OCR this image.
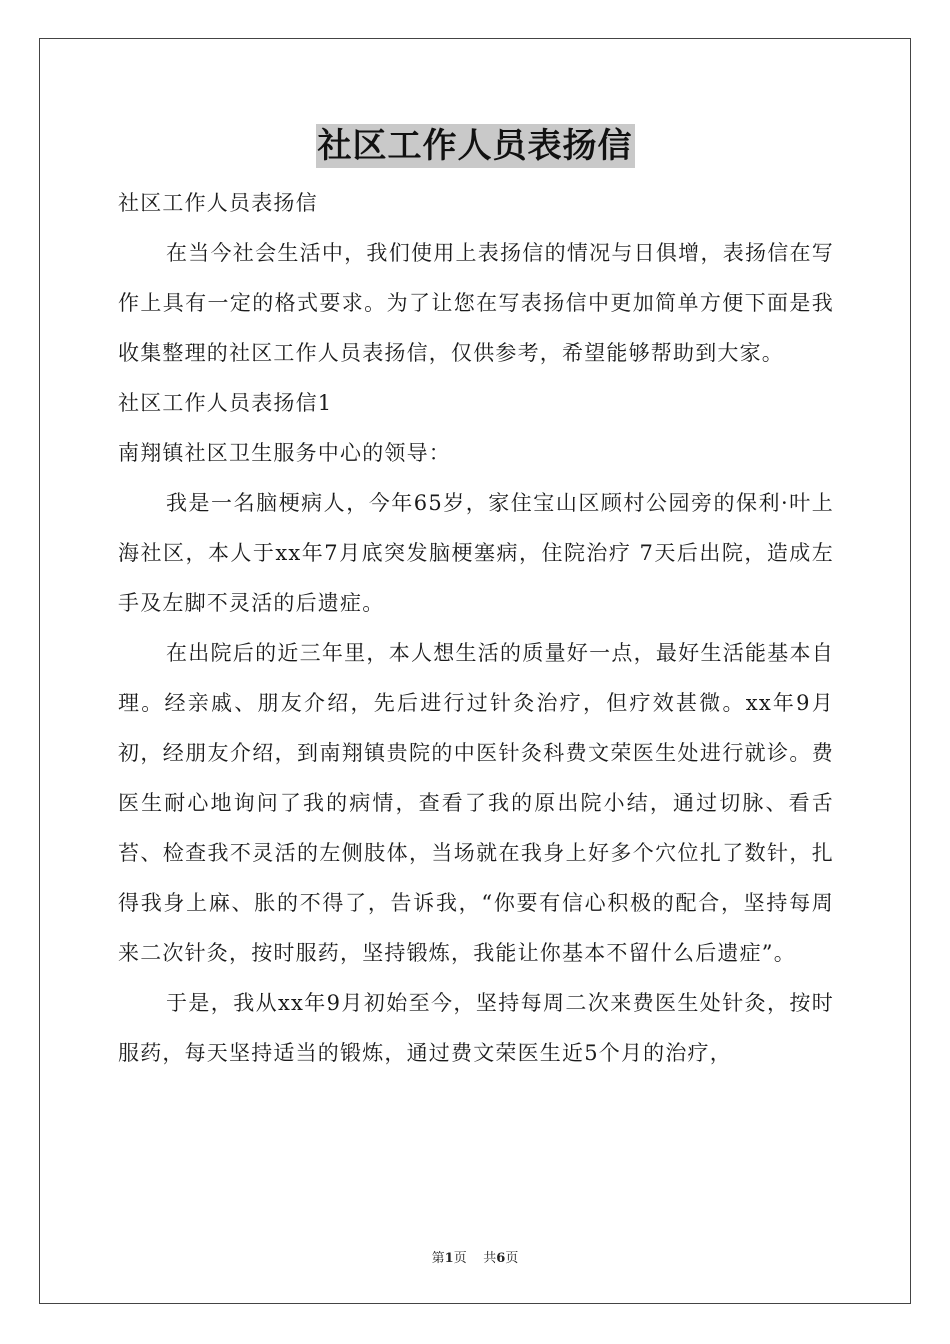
社区工作人员表扬信

社区工作人员表扬信

在当今社会生活中，我们使用上表扬信的情况与日俱增，表扬信在写作上具有一定的格式要求。为了让您在写表扬信中更加简单方便下面是我收集整理的社区工作人员表扬信，仅供参考，希望能够帮助到大家。

社区工作人员表扬信1

南翔镇社区卫生服务中心的领导：

我是一名脑梗病人，今年65岁，家住宝山区顾村公园旁的保利·叶上海社区，本人于xx年7月底突发脑梗塞病，住院治疗 7天后出院，造成左手及左脚不灵活的后遗症。

在出院后的近三年里，本人想生活的质量好一点，最好生活能基本自理。经亲戚、朋友介绍，先后进行过针灸治疗，但疗效甚微。xx年9月初，经朋友介绍，到南翔镇贵院的中医针灸科费文荣医生处进行就诊。费医生耐心地询问了我的病情，查看了我的原出院小结，通过切脉、看舌苔、检查我不灵活的左侧肢体，当场就在我身上好多个穴位扎了数针，扎得我身上麻、胀的不得了，告诉我，“你要有信心积极的配合，坚持每周来二次针灸，按时服药，坚持锻炼，我能让你基本不留什么后遗症”。

于是，我从xx年9月初始至今，坚持每周二次来费医生处针灸，按时服药，每天坚持适当的锻炼，通过费文荣医生近5个月的治疗，

第1页 共6页
